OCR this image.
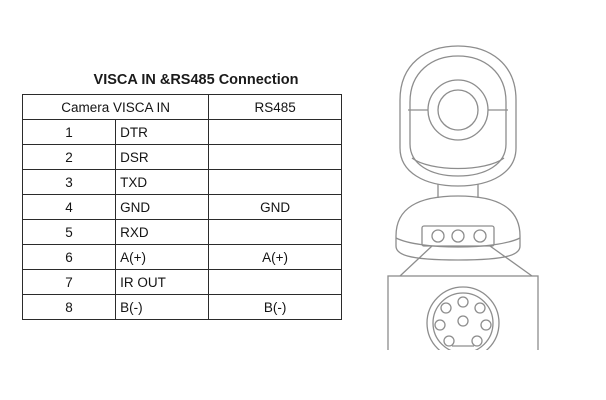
VISCA IN &RS485 Connection
Camera VISCA IN		RS485
1	DTR	
2	DSR	
3	TXD	
4	GND	GND
5	RXD	
6	A(+)	A(+)
7	IR OUT	
8	B(-)	B(-)
